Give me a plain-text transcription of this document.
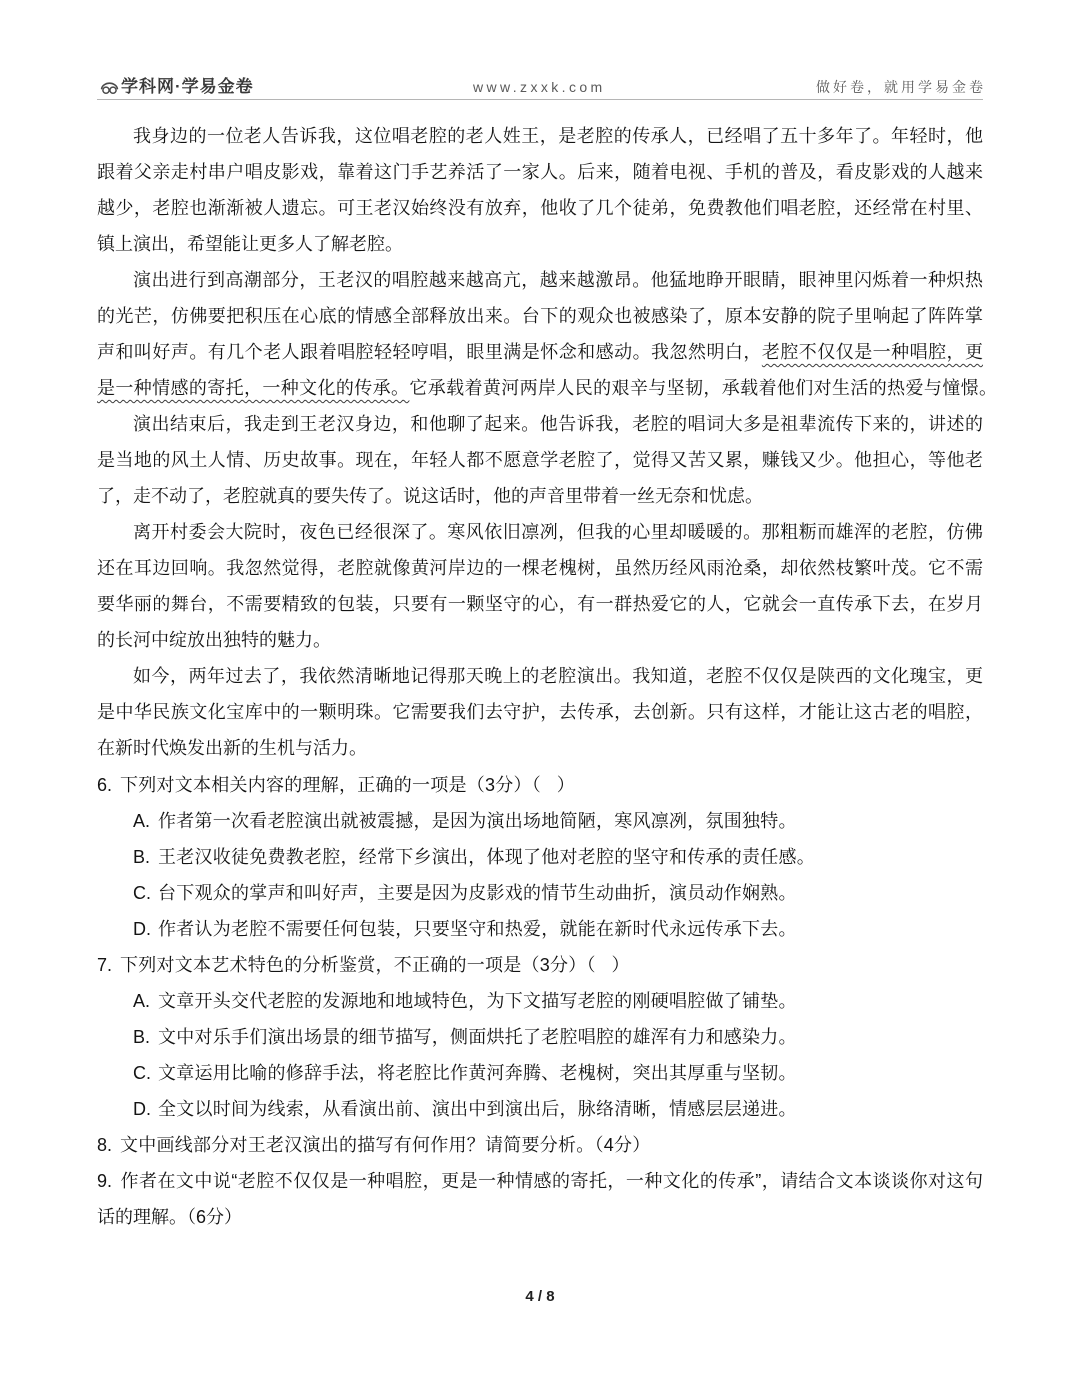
学科网·学易金卷	www.zxxk.com	做好卷，就用学易金卷
我身边的一位老人告诉我，这位唱老腔的老人姓王，是老腔的传承人，已经唱了五十多年了。年轻时，他
跟着父亲走村串户唱皮影戏，靠着这门手艺养活了一家人。后来，随着电视、手机的普及，看皮影戏的人越来
越少，老腔也渐渐被人遗忘。可王老汉始终没有放弃，他收了几个徒弟，免费教他们唱老腔，还经常在村里、
镇上演出，希望能让更多人了解老腔。
演出进行到高潮部分，王老汉的唱腔越来越高亢，越来越激昂。他猛地睁开眼睛，眼神里闪烁着一种炽热
的光芒，仿佛要把积压在心底的情感全部释放出来。台下的观众也被感染了，原本安静的院子里响起了阵阵掌
声和叫好声。有几个老人跟着唱腔轻轻哼唱，眼里满是怀念和感动。我忽然明白，老腔不仅仅是一种唱腔，更
是一种情感的寄托，一种文化的传承。它承载着黄河两岸人民的艰辛与坚韧，承载着他们对生活的热爱与憧憬。
演出结束后，我走到王老汉身边，和他聊了起来。他告诉我，老腔的唱词大多是祖辈流传下来的，讲述的
是当地的风土人情、历史故事。现在，年轻人都不愿意学老腔了，觉得又苦又累，赚钱又少。他担心，等他老
了，走不动了，老腔就真的要失传了。说这话时，他的声音里带着一丝无奈和忧虑。
离开村委会大院时，夜色已经很深了。寒风依旧凛冽，但我的心里却暖暖的。那粗粝而雄浑的老腔，仿佛
还在耳边回响。我忽然觉得，老腔就像黄河岸边的一棵老槐树，虽然历经风雨沧桑，却依然枝繁叶茂。它不需
要华丽的舞台，不需要精致的包装，只要有一颗坚守的心，有一群热爱它的人，它就会一直传承下去，在岁月
的长河中绽放出独特的魅力。
如今，两年过去了，我依然清晰地记得那天晚上的老腔演出。我知道，老腔不仅仅是陕西的文化瑰宝，更
是中华民族文化宝库中的一颗明珠。它需要我们去守护，去传承，去创新。只有这样，才能让这古老的唱腔，
在新时代焕发出新的生机与活力。
6. 下列对文本相关内容的理解，正确的一项是（3分）（   ）
A. 作者第一次看老腔演出就被震撼，是因为演出场地简陋，寒风凛冽，氛围独特。
B. 王老汉收徒免费教老腔，经常下乡演出，体现了他对老腔的坚守和传承的责任感。
C. 台下观众的掌声和叫好声，主要是因为皮影戏的情节生动曲折，演员动作娴熟。
D. 作者认为老腔不需要任何包装，只要坚守和热爱，就能在新时代永远传承下去。
7. 下列对文本艺术特色的分析鉴赏，不正确的一项是（3分）（   ）
A. 文章开头交代老腔的发源地和地域特色，为下文描写老腔的刚硬唱腔做了铺垫。
B. 文中对乐手们演出场景的细节描写，侧面烘托了老腔唱腔的雄浑有力和感染力。
C. 文章运用比喻的修辞手法，将老腔比作黄河奔腾、老槐树，突出其厚重与坚韧。
D. 全文以时间为线索，从看演出前、演出中到演出后，脉络清晰，情感层层递进。
8. 文中画线部分对王老汉演出的描写有何作用？请简要分析。（4分）
9. 作者在文中说“老腔不仅仅是一种唱腔，更是一种情感的寄托，一种文化的传承”，请结合文本谈谈你对这句
话的理解。（6分）
4 / 8
